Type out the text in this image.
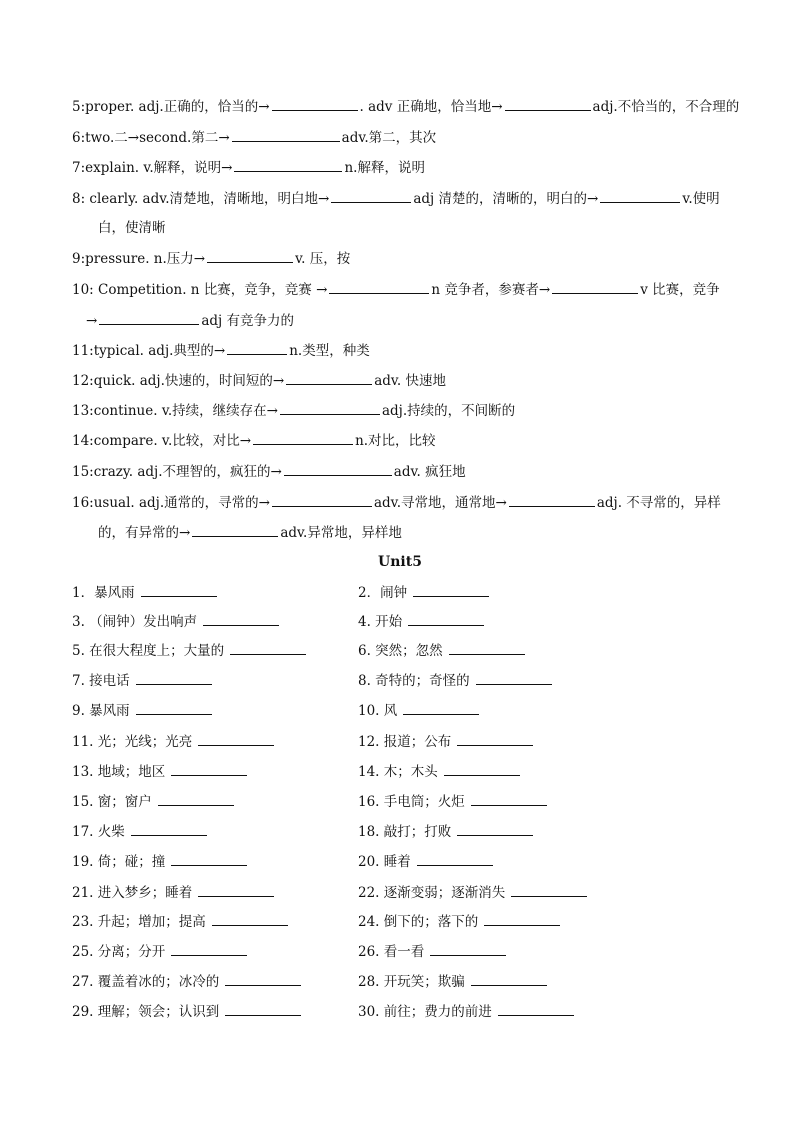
5:proper. adj.正确的，恰当的→	. adv 正确地，恰当地→	adj.不恰当的，不合理的
6:two.二→second.第二→	adv.第二，其次
7:explain. v.解释，说明→	n.解释，说明
8: clearly. adv.清楚地，清晰地，明白地→	adj 清楚的，清晰的，明白的→	v.使明
白，使清晰
9:pressure. n.压力→	v. 压，按
10: Competition. n 比赛，竞争，竞赛 →	n 竞争者，参赛者→	v 比赛，竞争
→	adj 有竞争力的
11:typical. adj.典型的→	n.类型，种类
12:quick. adj.快速的，时间短的→	adv. 快速地
13:continue. v.持续，继续存在→	adj.持续的，不间断的
14:compare. v.比较，对比→	n.对比，比较
15:crazy. adj.不理智的，疯狂的→	adv. 疯狂地
16:usual. adj.通常的，寻常的→	adv.寻常地，通常地→	adj. 不寻常的，异样
的，有异常的→	adv.异常地，异样地
Unit5
1．暴风雨	2．闹钟
3. （闹钟）发出响声	4. 开始
5. 在很大程度上；大量的	6. 突然；忽然
7. 接电话	8. 奇特的；奇怪的
9. 暴风雨	10. 风
11. 光；光线；光亮	12. 报道；公布
13. 地域；地区	14. 木；木头
15. 窗；窗户	16. 手电筒；火炬
17. 火柴	18. 敲打；打败
19. 倚；碰；撞	20. 睡着
21. 进入梦乡；睡着	22. 逐渐变弱；逐渐消失
23. 升起；增加；提高	24. 倒下的；落下的
25. 分离；分开	26. 看一看
27. 覆盖着冰的；冰冷的	28. 开玩笑；欺骗
29. 理解；领会；认识到	30. 前往；费力的前进
